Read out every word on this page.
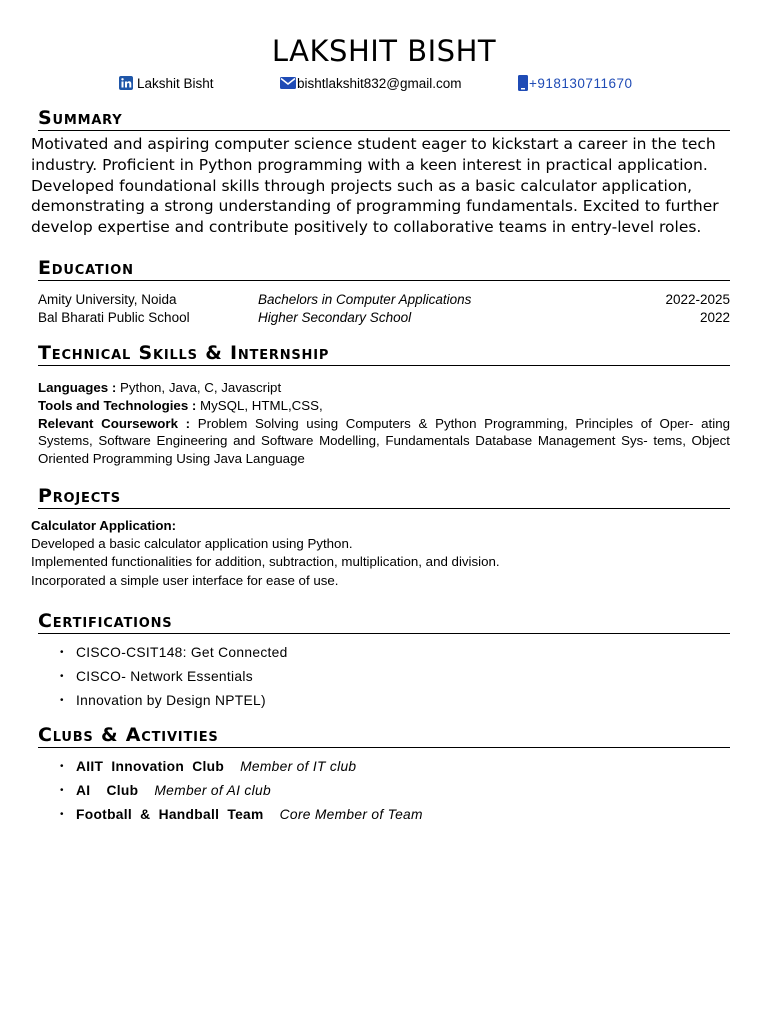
LAKSHIT BISHT
Lakshit Bisht	bishtlakshit832@gmail.com	+918130711670
Summary
Motivated and aspiring computer science student eager to kickstart a career in the tech industry. Proficient in Python programming with a keen interest in practical application. Developed foundational skills through projects such as a basic calculator application, demonstrating a strong understanding of programming fundamentals. Excited to further develop expertise and contribute positively to collaborative teams in entry-level roles.
Education
Amity University, Noida	Bachelors in Computer Applications	2022-2025
Bal Bharati Public School	Higher Secondary School	2022
Technical Skills & Internship
Languages : Python, Java, C, Javascript
Tools and Technologies : MySQL, HTML,CSS,
Relevant Coursework : Problem Solving using Computers & Python Programming, Principles of Oper- ating Systems, Software Engineering and Software Modelling, Fundamentals Database Management Sys- tems, Object Oriented Programming Using Java Language
Projects
Calculator Application:
Developed a basic calculator application using Python.
Implemented functionalities for addition, subtraction, multiplication, and division.
Incorporated a simple user interface for ease of use.
Certifications
• CISCO-CSIT148: Get Connected
• CISCO- Network Essentials
• Innovation by Design NPTEL)
Clubs & Activities
• AIIT Innovation Club Member of IT club
• AI Club Member of AI club
• Football & Handball Team Core Member of Team
